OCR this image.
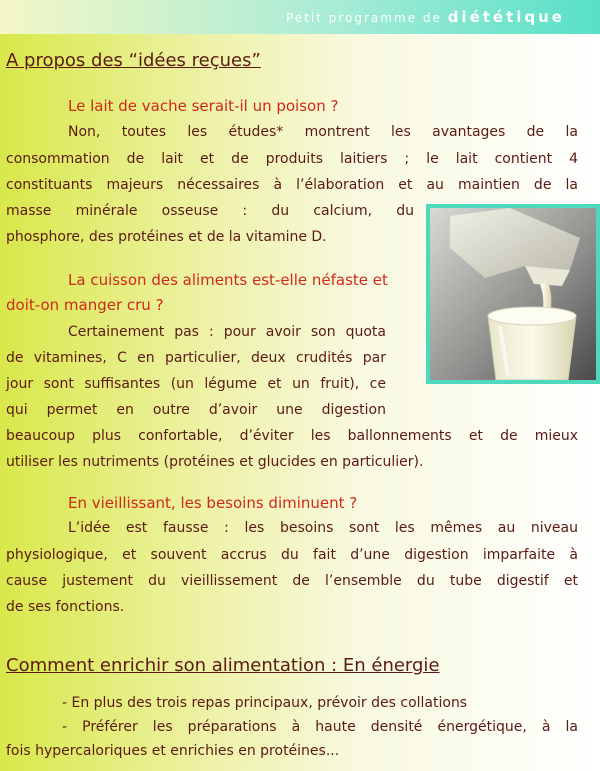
Petit programme de diététique
A propos des “idées reçues”
Le lait de vache serait-il un poison ?
Non, toutes les études* montrent les avantages de la
consommation de lait et de produits laitiers ; le lait contient 4
constituants majeurs nécessaires à l’élaboration et au maintien de la
masse minérale osseuse : du calcium, du
phosphore, des protéines et de la vitamine D.
La cuisson des aliments est-elle néfaste et
doit-on manger cru ?
Certainement pas : pour avoir son quota
de vitamines, C en particulier, deux crudités par
jour sont suffisantes (un légume et un fruit), ce
qui permet en outre d’avoir une digestion
beaucoup plus confortable, d’éviter les ballonnements et de mieux
utiliser les nutriments (protéines et glucides en particulier).
En vieillissant, les besoins diminuent ?
L’idée est fausse : les besoins sont les mêmes au niveau
physiologique, et souvent accrus du fait d’une digestion imparfaite à
cause justement du vieillissement de l’ensemble du tube digestif et
de ses fonctions.
Comment enrichir son alimentation : En énergie
- En plus des trois repas principaux, prévoir des collations
- Préférer les préparations à haute densité énergétique, à la
fois hypercaloriques et enrichies en protéines...
